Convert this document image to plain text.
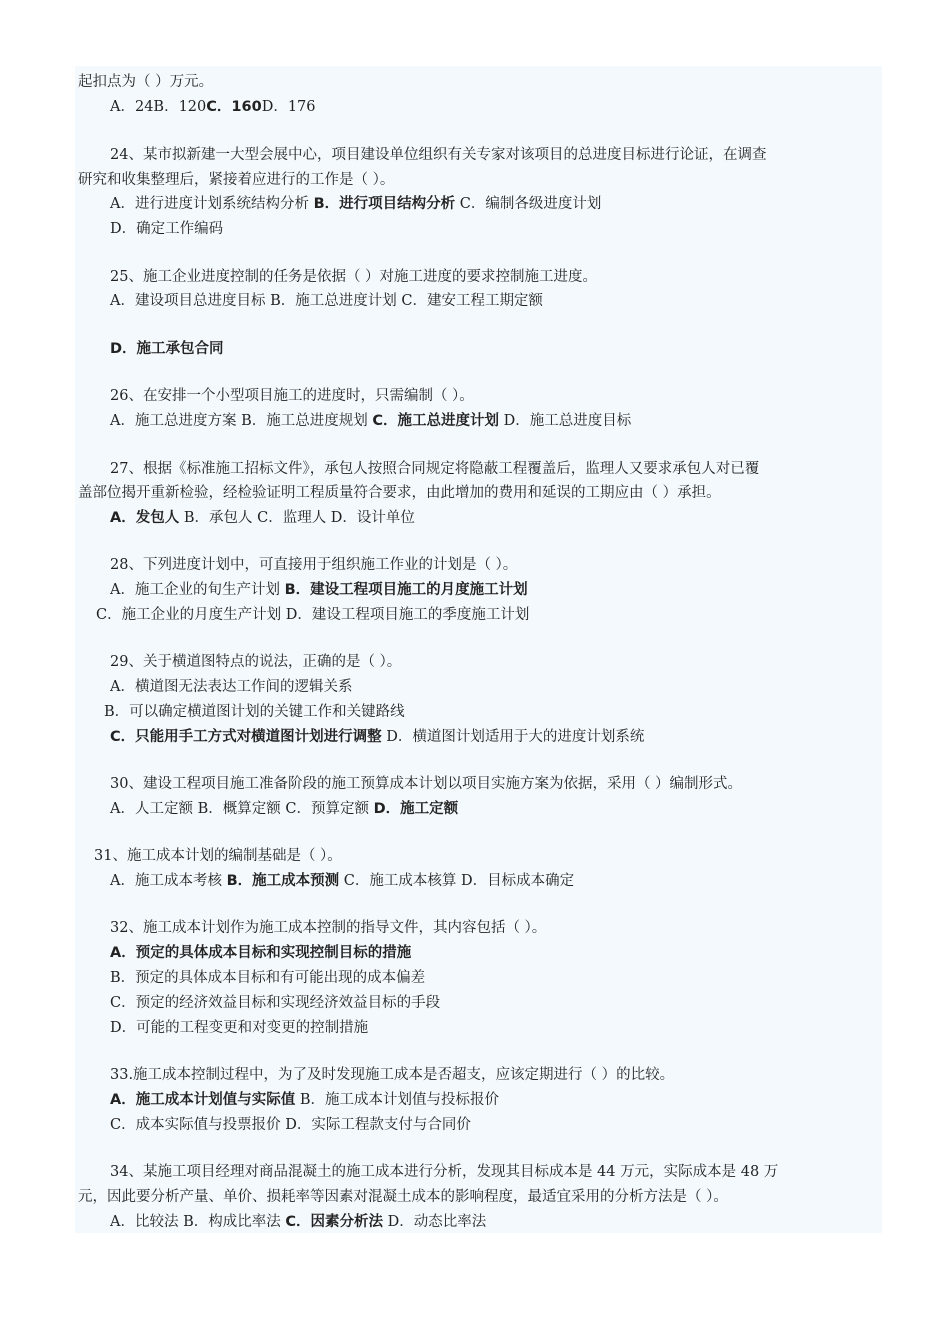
起扣点为（ ）万元。
A．24B．120C．160D．176
24、某市拟新建一大型会展中心，项目建设单位组织有关专家对该项目的总进度目标进行论证，在调查
研究和收集整理后，紧接着应进行的工作是（ ）。
A．进行进度计划系统结构分析 B．进行项目结构分析 C．编制各级进度计划
D．确定工作编码
25、施工企业进度控制的任务是依据（ ）对施工进度的要求控制施工进度。
A．建设项目总进度目标 B．施工总进度计划 C．建安工程工期定额
D．施工承包合同
26、在安排一个小型项目施工的进度时，只需编制（ ）。
A．施工总进度方案 B．施工总进度规划 C．施工总进度计划 D．施工总进度目标
27、根据《标准施工招标文件》，承包人按照合同规定将隐蔽工程覆盖后，监理人又要求承包人对已覆
盖部位揭开重新检验，经检验证明工程质量符合要求，由此增加的费用和延误的工期应由（ ）承担。
A．发包人 B．承包人 C．监理人 D．设计单位
28、下列进度计划中，可直接用于组织施工作业的计划是（ ）。
A．施工企业的旬生产计划 B．建设工程项目施工的月度施工计划
C．施工企业的月度生产计划 D．建设工程项目施工的季度施工计划
29、关于横道图特点的说法，正确的是（ ）。
A．横道图无法表达工作间的逻辑关系
B．可以确定横道图计划的关键工作和关键路线
C．只能用手工方式对横道图计划进行调整 D．横道图计划适用于大的进度计划系统
30、建设工程项目施工准备阶段的施工预算成本计划以项目实施方案为依据，采用（ ）编制形式。
A．人工定额 B．概算定额 C．预算定额 D．施工定额
31、施工成本计划的编制基础是（ ）。
A．施工成本考核 B．施工成本预测 C．施工成本核算 D．目标成本确定
32、施工成本计划作为施工成本控制的指导文件，其内容包括（ ）。
A．预定的具体成本目标和实现控制目标的措施
B．预定的具体成本目标和有可能出现的成本偏差
C．预定的经济效益目标和实现经济效益目标的手段
D．可能的工程变更和对变更的控制措施
33.施工成本控制过程中，为了及时发现施工成本是否超支，应该定期进行（ ）的比较。
A．施工成本计划值与实际值 B．施工成本计划值与投标报价
C．成本实际值与投票报价 D．实际工程款支付与合同价
34、某施工项目经理对商品混凝土的施工成本进行分析，发现其目标成本是 44 万元，实际成本是 48 万
元，因此要分析产量、单价、损耗率等因素对混凝土成本的影响程度，最适宜采用的分析方法是（ ）。
A．比较法 B．构成比率法 C．因素分析法 D．动态比率法
